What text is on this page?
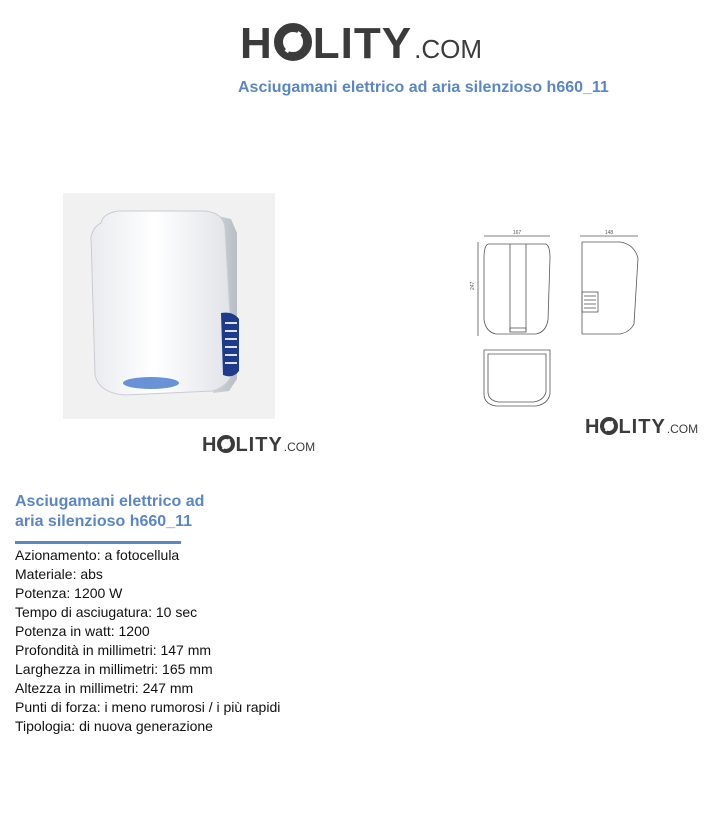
H LITY .COM
Asciugamani elettrico ad aria silenzioso h660_11
H LITY .COM
167	148
247
H LITY .COM
Asciugamani elettrico ad aria silenzioso h660_11
Azionamento: a fotocellula
Materiale: abs
Potenza: 1200 W
Tempo di asciugatura: 10 sec
Potenza in watt: 1200
Profondità in millimetri: 147 mm
Larghezza in millimetri: 165 mm
Altezza in millimetri: 247 mm
Punti di forza: i meno rumorosi / i più rapidi
Tipologia: di nuova generazione
